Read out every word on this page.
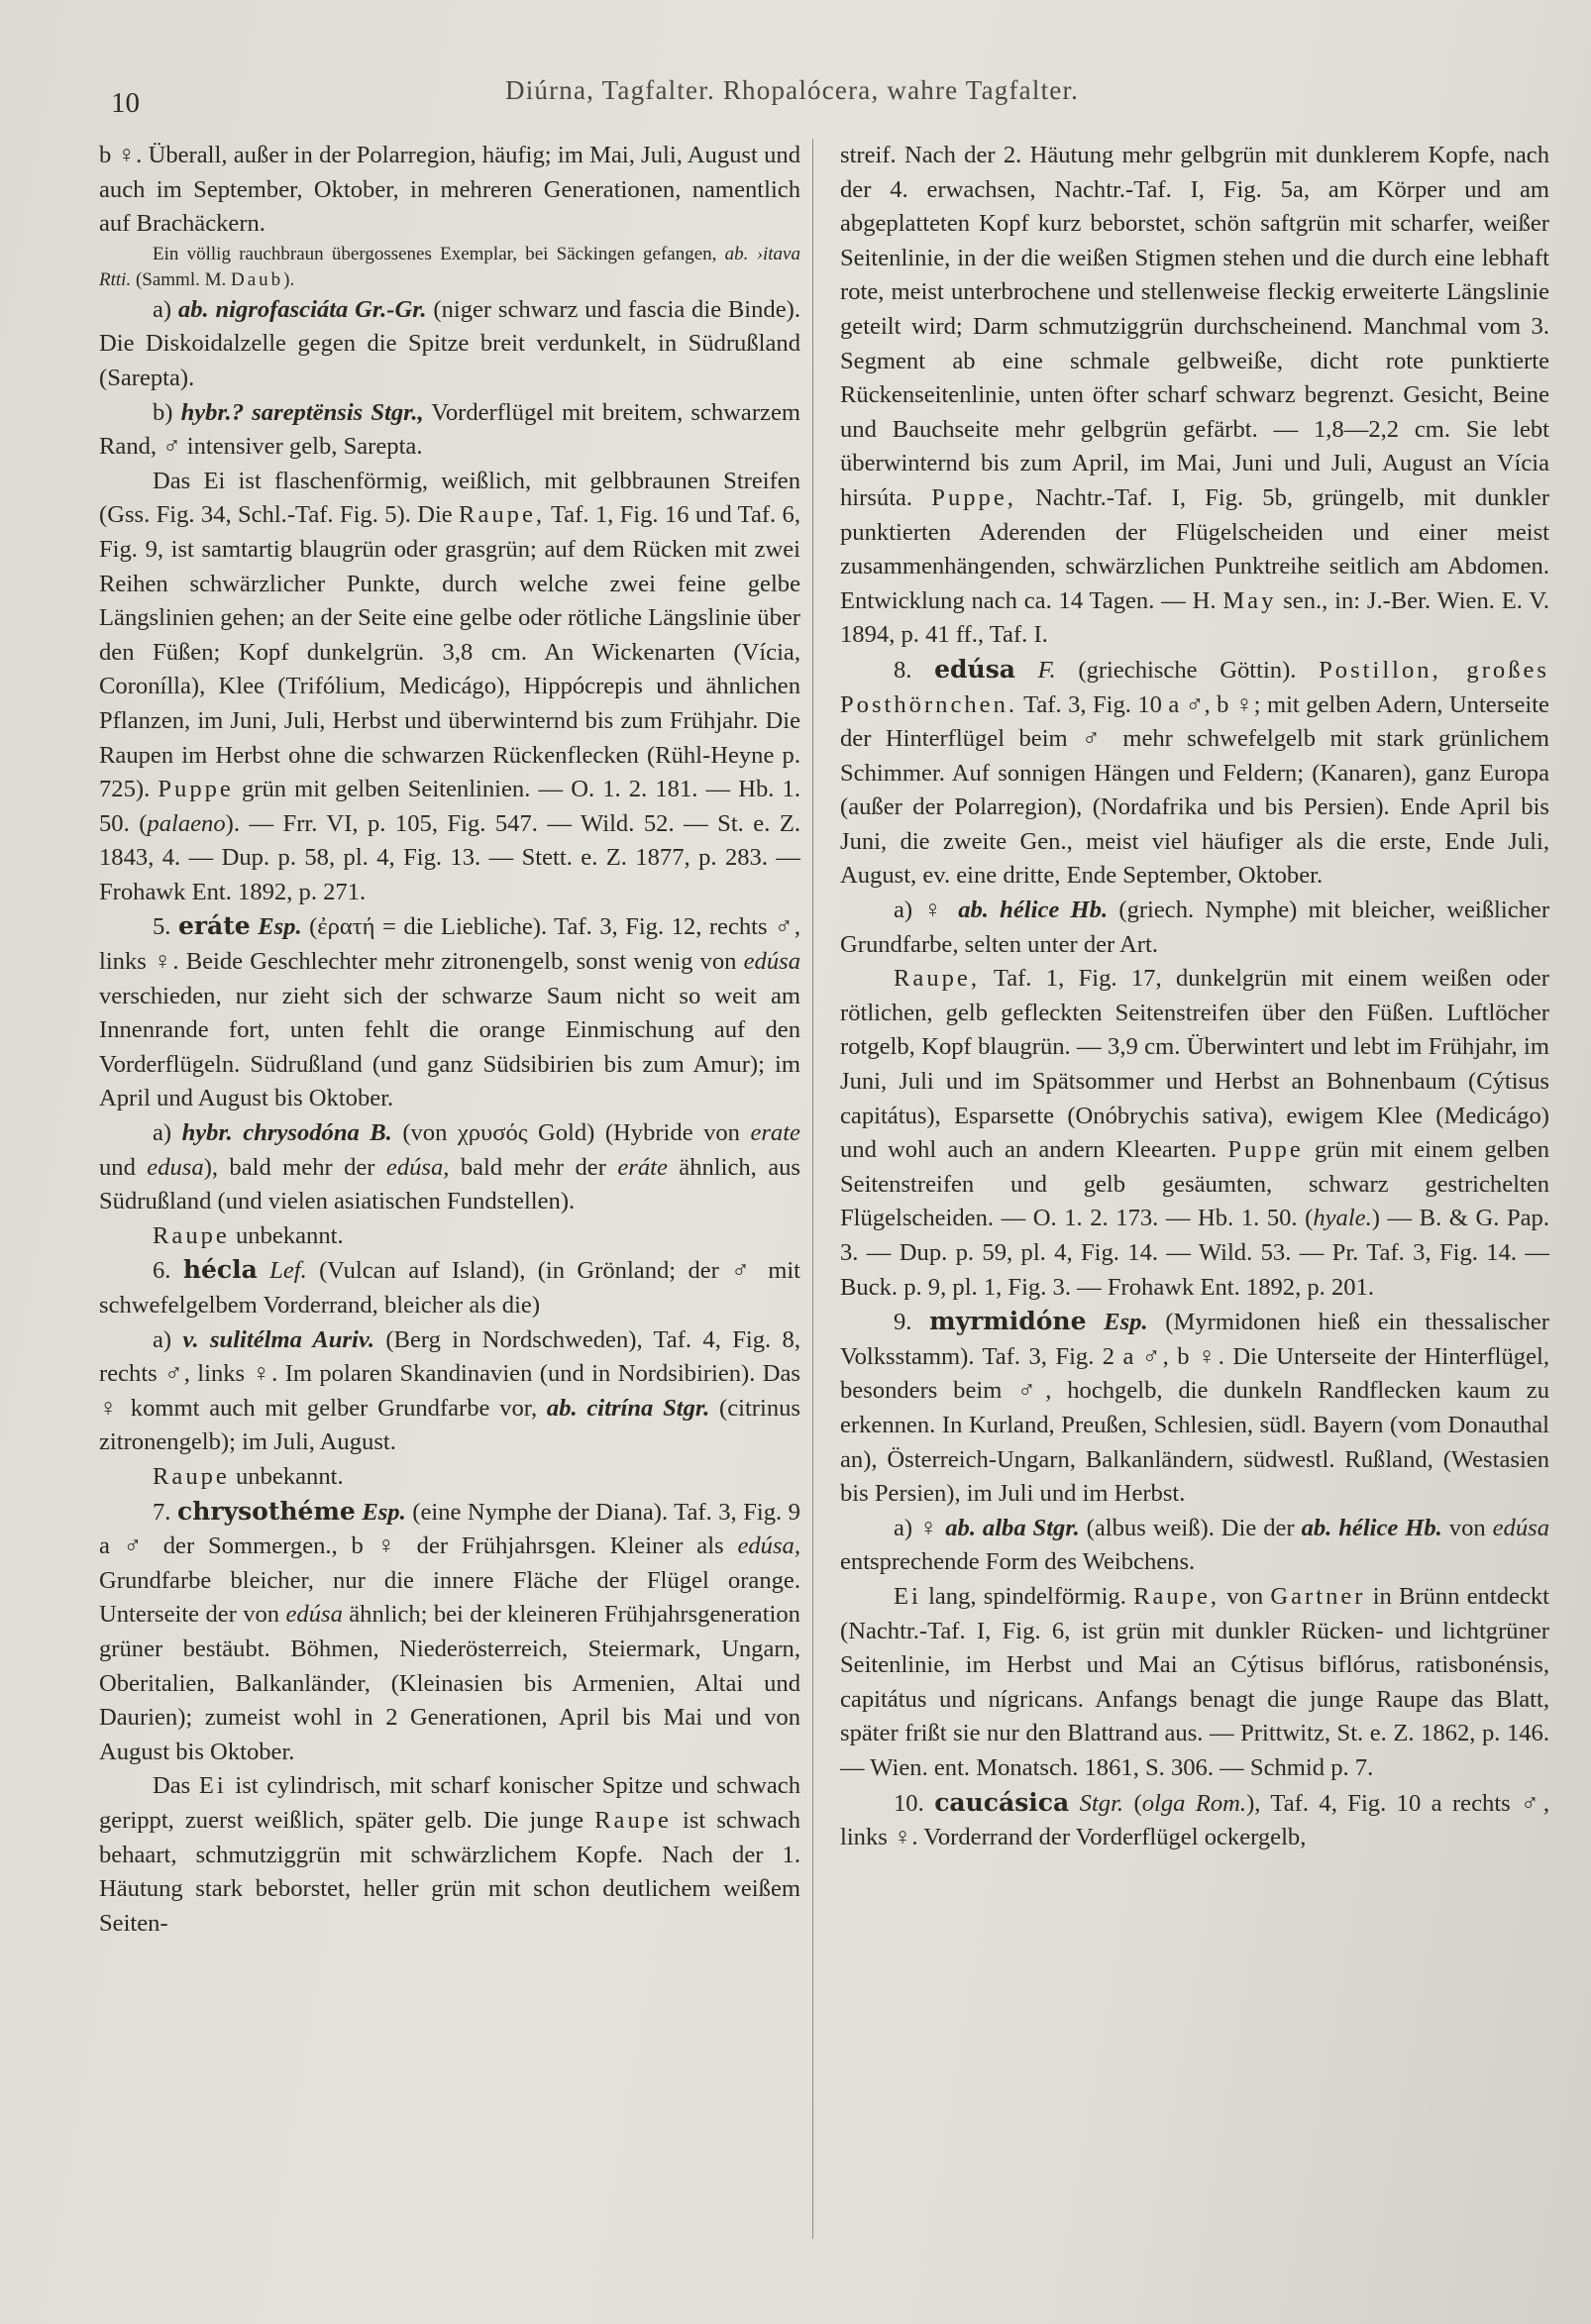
10	Diúrna, Tagfalter. Rhopalócera, wahre Tagfalter.

b ♀. Überall, außer in der Polarregion, häufig; im Mai, Juli, August und auch im September, Oktober, in mehreren Generationen, namentlich auf Brachäckern.

Ein völlig rauchbraun übergossenes Exemplar, bei Säckingen gefangen, ab. ›itava Rtti. (Samml. M. Daub).

a) ab. nigrofasciáta Gr.-Gr. (niger schwarz und fascia die Binde). Die Diskoidalzelle gegen die Spitze breit verdunkelt, in Südrußland (Sarepta).

b) hybr.? sareptënsis Stgr., Vorderflügel mit breitem, schwarzem Rand, ♂ intensiver gelb, Sarepta.

Das Ei ist flaschenförmig, weißlich, mit gelbbraunen Streifen (Gss. Fig. 34, Schl.-Taf. Fig. 5). Die Raupe, Taf. 1, Fig. 16 und Taf. 6, Fig. 9, ist samtartig blaugrün oder grasgrün; auf dem Rücken mit zwei Reihen schwärzlicher Punkte, durch welche zwei feine gelbe Längslinien gehen; an der Seite eine gelbe oder rötliche Längslinie über den Füßen; Kopf dunkelgrün. 3,8 cm. An Wickenarten (Vícia, Coronílla), Klee (Trifólium, Medicágo), Hippócrepis und ähnlichen Pflanzen, im Juni, Juli, Herbst und überwinternd bis zum Frühjahr. Die Raupen im Herbst ohne die schwarzen Rückenflecken (Rühl-Heyne p. 725). Puppe grün mit gelben Seitenlinien. — O. 1. 2. 181. — Hb. 1. 50. (palaeno). — Frr. VI, p. 105, Fig. 547. — Wild. 52. — St. e. Z. 1843, 4. — Dup. p. 58, pl. 4, Fig. 13. — Stett. e. Z. 1877, p. 283. — Frohawk Ent. 1892, p. 271.

5. eráte Esp. (ἐρατή = die Liebliche). Taf. 3, Fig. 12, rechts ♂, links ♀. Beide Geschlechter mehr zitronengelb, sonst wenig von edúsa verschieden, nur zieht sich der schwarze Saum nicht so weit am Innenrande fort, unten fehlt die orange Einmischung auf den Vorderflügeln. Südrußland (und ganz Südsibirien bis zum Amur); im April und August bis Oktober.

a) hybr. chrysodóna B. (von χρυσός Gold) (Hybride von erate und edusa), bald mehr der edúsa, bald mehr der eráte ähnlich, aus Südrußland (und vielen asiatischen Fundstellen).

Raupe unbekannt.

6. hécla Lef. (Vulcan auf Island), (in Grönland; der ♂ mit schwefelgelbem Vorderrand, bleicher als die)

a) v. sulitélma Auriv. (Berg in Nordschweden), Taf. 4, Fig. 8, rechts ♂, links ♀. Im polaren Skandinavien (und in Nordsibirien). Das ♀ kommt auch mit gelber Grundfarbe vor, ab. citrína Stgr. (citrinus zitronengelb); im Juli, August.

Raupe unbekannt.

7. chrysothéme Esp. (eine Nymphe der Diana). Taf. 3, Fig. 9 a ♂ der Sommergen., b ♀ der Frühjahrsgen. Kleiner als edúsa, Grundfarbe bleicher, nur die innere Fläche der Flügel orange. Unterseite der von edúsa ähnlich; bei der kleineren Frühjahrsgeneration grüner bestäubt. Böhmen, Niederösterreich, Steiermark, Ungarn, Oberitalien, Balkanländer, (Kleinasien bis Armenien, Altai und Daurien); zumeist wohl in 2 Generationen, April bis Mai und von August bis Oktober.

Das Ei ist cylindrisch, mit scharf konischer Spitze und schwach gerippt, zuerst weißlich, später gelb. Die junge Raupe ist schwach behaart, schmutziggrün mit schwärzlichem Kopfe. Nach der 1. Häutung stark beborstet, heller grün mit schon deutlichem weißem Seiten-

streif. Nach der 2. Häutung mehr gelbgrün mit dunklerem Kopfe, nach der 4. erwachsen, Nachtr.-Taf. I, Fig. 5a, am Körper und am abgeplatteten Kopf kurz beborstet, schön saftgrün mit scharfer, weißer Seitenlinie, in der die weißen Stigmen stehen und die durch eine lebhaft rote, meist unterbrochene und stellenweise fleckig erweiterte Längslinie geteilt wird; Darm schmutziggrün durchscheinend. Manchmal vom 3. Segment ab eine schmale gelbweiße, dicht rote punktierte Rückenseitenlinie, unten öfter scharf schwarz begrenzt. Gesicht, Beine und Bauchseite mehr gelbgrün gefärbt. — 1,8—2,2 cm. Sie lebt überwinternd bis zum April, im Mai, Juni und Juli, August an Vícia hirsúta. Puppe, Nachtr.-Taf. I, Fig. 5b, grüngelb, mit dunkler punktierten Aderenden der Flügelscheiden und einer meist zusammenhängenden, schwärzlichen Punktreihe seitlich am Abdomen. Entwicklung nach ca. 14 Tagen. — H. May sen., in: J.-Ber. Wien. E. V. 1894, p. 41 ff., Taf. I.

8. edúsa F. (griechische Göttin). Postillon, großes Posthörnchen. Taf. 3, Fig. 10 a ♂, b ♀; mit gelben Adern, Unterseite der Hinterflügel beim ♂ mehr schwefelgelb mit stark grünlichem Schimmer. Auf sonnigen Hängen und Feldern; (Kanaren), ganz Europa (außer der Polarregion), (Nordafrika und bis Persien). Ende April bis Juni, die zweite Gen., meist viel häufiger als die erste, Ende Juli, August, ev. eine dritte, Ende September, Oktober.

a) ♀ ab. hélice Hb. (griech. Nymphe) mit bleicher, weißlicher Grundfarbe, selten unter der Art.

Raupe, Taf. 1, Fig. 17, dunkelgrün mit einem weißen oder rötlichen, gelb gefleckten Seitenstreifen über den Füßen. Luftlöcher rotgelb, Kopf blaugrün. — 3,9 cm. Überwintert und lebt im Frühjahr, im Juni, Juli und im Spätsommer und Herbst an Bohnenbaum (Cýtisus capitátus), Esparsette (Onóbrychis sativa), ewigem Klee (Medicágo) und wohl auch an andern Kleearten. Puppe grün mit einem gelben Seitenstreifen und gelb gesäumten, schwarz gestrichelten Flügelscheiden. — O. 1. 2. 173. — Hb. 1. 50. (hyale.) — B. & G. Pap. 3. — Dup. p. 59, pl. 4, Fig. 14. — Wild. 53. — Pr. Taf. 3, Fig. 14. — Buck. p. 9, pl. 1, Fig. 3. — Frohawk Ent. 1892, p. 201.

9. myrmidóne Esp. (Myrmidonen hieß ein thessalischer Volksstamm). Taf. 3, Fig. 2 a ♂, b ♀. Die Unterseite der Hinterflügel, besonders beim ♂, hochgelb, die dunkeln Randflecken kaum zu erkennen. In Kurland, Preußen, Schlesien, südl. Bayern (vom Donauthal an), Österreich-Ungarn, Balkanländern, südwestl. Rußland, (Westasien bis Persien), im Juli und im Herbst.

a) ♀ ab. alba Stgr. (albus weiß). Die der ab. hélice Hb. von edúsa entsprechende Form des Weibchens.

Ei lang, spindelförmig. Raupe, von Gartner in Brünn entdeckt (Nachtr.-Taf. I, Fig. 6, ist grün mit dunkler Rücken- und lichtgrüner Seitenlinie, im Herbst und Mai an Cýtisus biflórus, ratisbonénsis, capitátus und nígricans. Anfangs benagt die junge Raupe das Blatt, später frißt sie nur den Blattrand aus. — Prittwitz, St. e. Z. 1862, p. 146. — Wien. ent. Monatsch. 1861, S. 306. — Schmid p. 7.

10. caucásica Stgr. (olga Rom.), Taf. 4, Fig. 10 a rechts ♂, links ♀. Vorderrand der Vorderflügel ockergelb,
